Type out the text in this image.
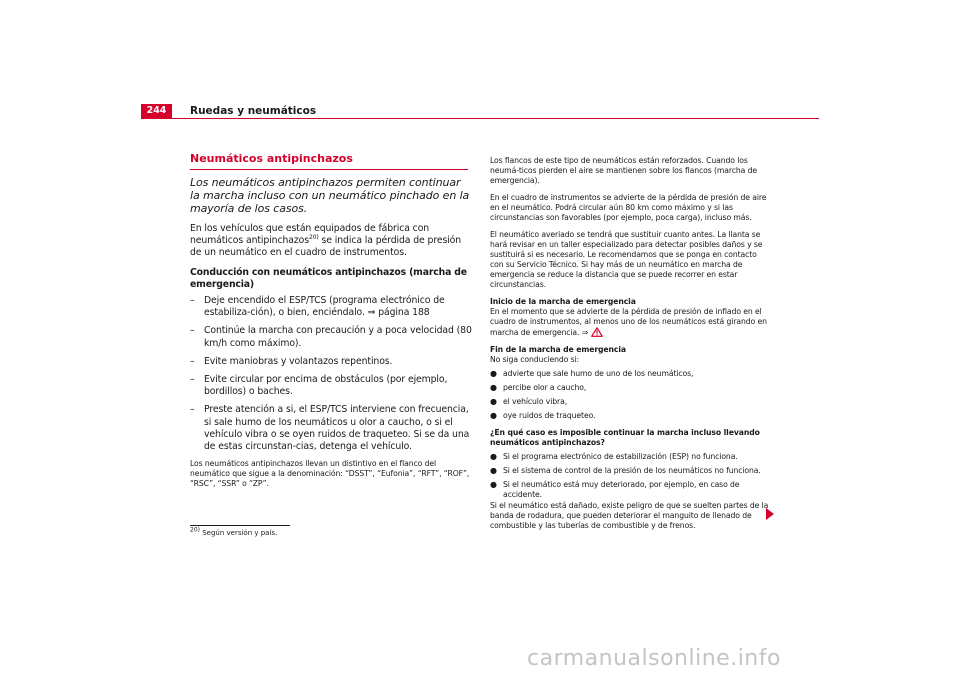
244	Ruedas y neumáticos
Neumáticos antipinchazos
Los neumáticos antipinchazos permiten continuar la marcha incluso con un neumático pinchado en la mayoría de los casos.
En los vehículos que están equipados de fábrica con neumáticos antipinchazos$^{20)}$ se indica la pérdida de presión de un neumático en el cuadro de instrumentos.
Conducción con neumáticos antipinchazos (marcha de emergencia)
– Deje encendido el ESP/TCS (programa electrónico de estabiliza-ción), o bien, enciéndalo. ⇒ página 188
– Continúe la marcha con precaución y a poca velocidad (80 km/h como máximo).
– Evite maniobras y volantazos repentinos.
– Evite circular por encima de obstáculos (por ejemplo, bordillos) o baches.
– Preste atención a si, el ESP/TCS interviene con frecuencia, si sale humo de los neumáticos u olor a caucho, o si el vehículo vibra o se oyen ruidos de traqueteo. Si se da una de estas circunstan-cias, detenga el vehículo.
Los neumáticos antipinchazos llevan un distintivo en el flanco del neumático que sigue a la denominación: “DSST”, “Eufonia”, “RFT”, “ROF”, “RSC”, “SSR” o “ZP”.
$^{20)}$ Según versión y país.

Los flancos de este tipo de neumáticos están reforzados. Cuando los neumá-ticos pierden el aire se mantienen sobre los flancos (marcha de emergencia).

En el cuadro de instrumentos se advierte de la pérdida de presión de aire en el neumático. Podrá circular aún 80 km como máximo y si las circunstancias son favorables (por ejemplo, poca carga), incluso más.

El neumático averiado se tendrá que sustituir cuanto antes. La llanta se hará revisar en un taller especializado para detectar posibles daños y se sustituirá si es necesario. Le recomendamos que se ponga en contacto con su Servicio Técnico. Si hay más de un neumático en marcha de emergencia se reduce la distancia que se puede recorrer en estar circunstancias.

Inicio de la marcha de emergencia

En el momento que se advierte de la pérdida de presión de inflado en el cuadro de instrumentos, al menos uno de los neumáticos está girando en marcha de emergencia. ⇒

Fin de la marcha de emergencia

No siga conduciendo si:

● advierte que sale humo de uno de los neumáticos,
● percibe olor a caucho,
● el vehículo vibra,
● oye ruidos de traqueteo.

¿En qué caso es imposible continuar la marcha incluso llevando neumáticos antipinchazos?

● Si el programa electrónico de estabilización (ESP) no funciona.
● Si el sistema de control de la presión de los neumáticos no funciona.
● Si el neumático está muy deteriorado, por ejemplo, en caso de accidente.

Si el neumático está dañado, existe peligro de que se suelten partes de la banda de rodadura, que pueden deteriorar el manguito de llenado de combustible y las tuberías de combustible y de frenos.

carmanualsonline.info
